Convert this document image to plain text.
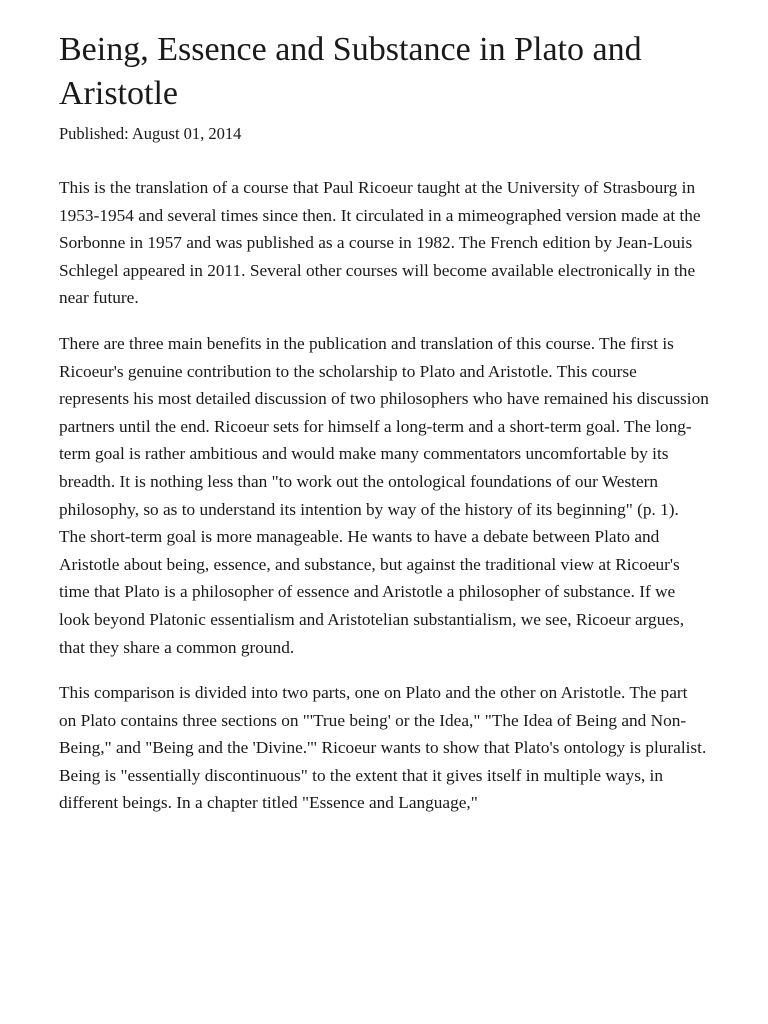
Being, Essence and Substance in Plato and Aristotle
Published: August 01, 2014

This is the translation of a course that Paul Ricoeur taught at the University of Strasbourg in 1953-1954 and several times since then. It circulated in a mimeographed version made at the Sorbonne in 1957 and was published as a course in 1982. The French edition by Jean-Louis Schlegel appeared in 2011. Several other courses will become available electronically in the near future.

There are three main benefits in the publication and translation of this course. The first is Ricoeur's genuine contribution to the scholarship to Plato and Aristotle. This course represents his most detailed discussion of two philosophers who have remained his discussion partners until the end. Ricoeur sets for himself a long-term and a short-term goal. The long-term goal is rather ambitious and would make many commentators uncomfortable by its breadth. It is nothing less than "to work out the ontological foundations of our Western philosophy, so as to understand its intention by way of the history of its beginning" (p. 1). The short-term goal is more manageable. He wants to have a debate between Plato and Aristotle about being, essence, and substance, but against the traditional view at Ricoeur's time that Plato is a philosopher of essence and Aristotle a philosopher of substance. If we look beyond Platonic essentialism and Aristotelian substantialism, we see, Ricoeur argues, that they share a common ground.

This comparison is divided into two parts, one on Plato and the other on Aristotle. The part on Plato contains three sections on "'True being' or the Idea," "The Idea of Being and Non-Being," and "Being and the 'Divine.'" Ricoeur wants to show that Plato's ontology is pluralist. Being is "essentially discontinuous" to the extent that it gives itself in multiple ways, in different beings. In a chapter titled "Essence and Language,"
